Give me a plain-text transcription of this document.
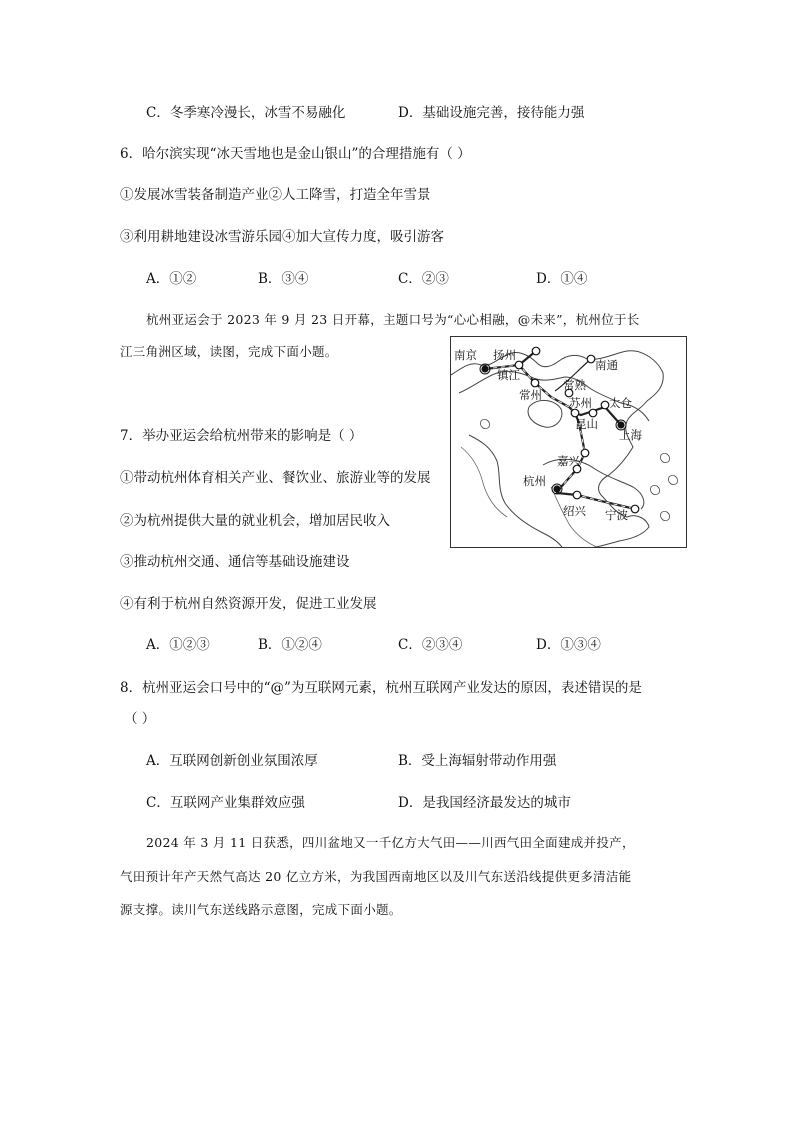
C．冬季寒冷漫长，冰雪不易融化	D．基础设施完善，接待能力强
6．哈尔滨实现“冰天雪地也是金山银山”的合理措施有（ ）
①发展冰雪装备制造产业②人工降雪，打造全年雪景
③利用耕地建设冰雪游乐园④加大宣传力度，吸引游客
A．①②	B．③④	C．②③	D．①④
杭州亚运会于 2023 年 9 月 23 日开幕，主题口号为“心心相融，@未来”，杭州位于长
江三角洲区域，读图，完成下面小题。	南京 扬州
镇江
南通
常州
常熟
苏州 太仓
昆山
上海
嘉兴
杭州
绍兴 宁波
7．举办亚运会给杭州带来的影响是（ ）
①带动杭州体育相关产业、餐饮业、旅游业等的发展
②为杭州提供大量的就业机会，增加居民收入
③推动杭州交通、通信等基础设施建设
④有利于杭州自然资源开发，促进工业发展
A．①②③	B．①②④	C．②③④	D．①③④
8．杭州亚运会口号中的“@”为互联网元素，杭州互联网产业发达的原因，表述错误的是
（ ）
A．互联网创新创业氛围浓厚	B．受上海辐射带动作用强
C．互联网产业集群效应强	D．是我国经济最发达的城市
2024 年 3 月 11 日获悉，四川盆地又一千亿方大气田——川西气田全面建成并投产，
气田预计年产天然气高达 20 亿立方米，为我国西南地区以及川气东送沿线提供更多清洁能
源支撑。读川气东送线路示意图，完成下面小题。
